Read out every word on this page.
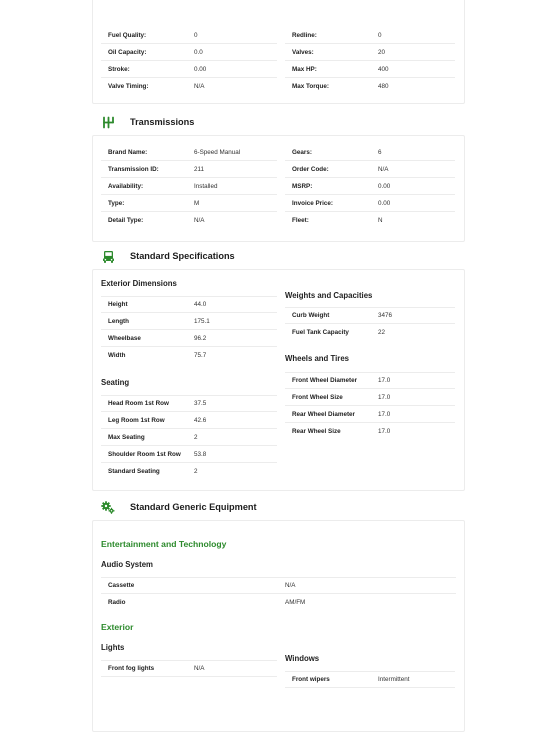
Fuel Quality:	0
Oil Capacity:	0.0
Stroke:	0.00
Valve Timing:	N/A
Redline:	0
Valves:	20
Max HP:	400
Max Torque:	480
Transmissions
Brand Name:	6-Speed Manual
Transmission ID:	211
Availability:	Installed
Type:	M
Detail Type:	N/A
Gears:	6
Order Code:	N/A
MSRP:	0.00
Invoice Price:	0.00
Fleet:	N
Standard Specifications
Exterior Dimensions
Height	44.0
Length	175.1
Wheelbase	96.2
Width	75.7
Seating
Head Room 1st Row	37.5
Leg Room 1st Row	42.6
Max Seating	2
Shoulder Room 1st Row	53.8
Standard Seating	2
Weights and Capacities
Curb Weight	3476
Fuel Tank Capacity	22
Wheels and Tires
Front Wheel Diameter	17.0
Front Wheel Size	17.0
Rear Wheel Diameter	17.0
Rear Wheel Size	17.0
Standard Generic Equipment
Entertainment and Technology
Audio System
Cassette	N/A
Radio	AM/FM
Exterior
Lights
Front fog lights	N/A
Windows
Front wipers	Intermittent
